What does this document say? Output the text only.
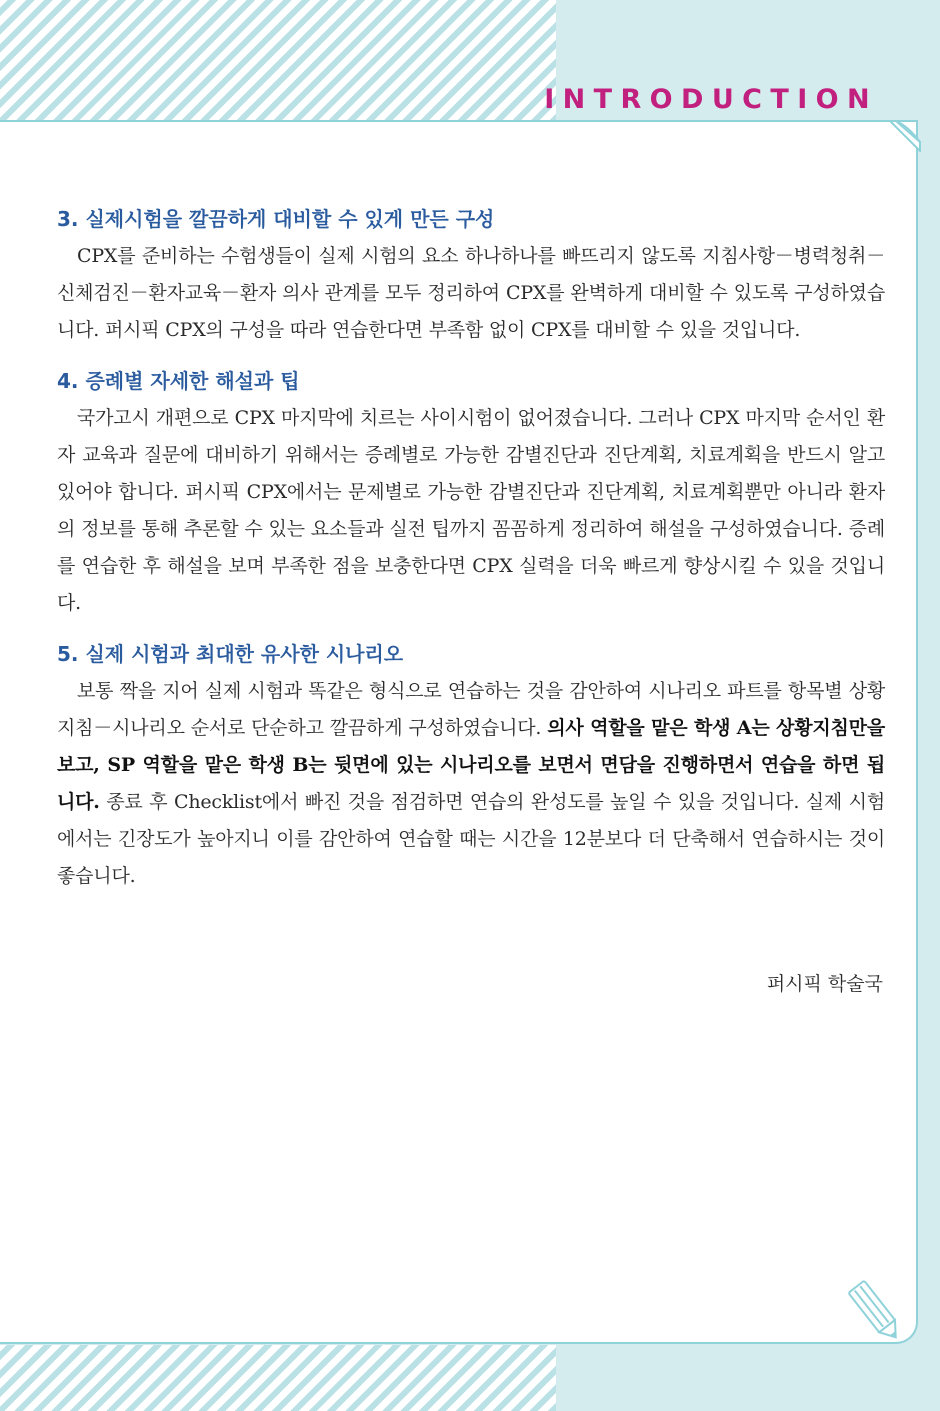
INTRODUCTION
3. 실제시험을 깔끔하게 대비할 수 있게 만든 구성

CPX를 준비하는 수험생들이 실제 시험의 요소 하나하나를 빠뜨리지 않도록 지침사항－병력청취－신체검진－환자교육－환자 의사 관계를 모두 정리하여 CPX를 완벽하게 대비할 수 있도록 구성하였습니다. 퍼시픽 CPX의 구성을 따라 연습한다면 부족함 없이 CPX를 대비할 수 있을 것입니다.

4. 증례별 자세한 해설과 팁

국가고시 개편으로 CPX 마지막에 치르는 사이시험이 없어졌습니다. 그러나 CPX 마지막 순서인 환자 교육과 질문에 대비하기 위해서는 증례별로 가능한 감별진단과 진단계획, 치료계획을 반드시 알고 있어야 합니다. 퍼시픽 CPX에서는 문제별로 가능한 감별진단과 진단계획, 치료계획뿐만 아니라 환자의 정보를 통해 추론할 수 있는 요소들과 실전 팁까지 꼼꼼하게 정리하여 해설을 구성하였습니다. 증례를 연습한 후 해설을 보며 부족한 점을 보충한다면 CPX 실력을 더욱 빠르게 향상시킬 수 있을 것입니다.

5. 실제 시험과 최대한 유사한 시나리오

보통 짝을 지어 실제 시험과 똑같은 형식으로 연습하는 것을 감안하여 시나리오 파트를 항목별 상황지침－시나리오 순서로 단순하고 깔끔하게 구성하였습니다. 의사 역할을 맡은 학생 A는 상황지침만을 보고, SP 역할을 맡은 학생 B는 뒷면에 있는 시나리오를 보면서 면담을 진행하면서 연습을 하면 됩니다. 종료 후 Checklist에서 빠진 것을 점검하면 연습의 완성도를 높일 수 있을 것입니다. 실제 시험에서는 긴장도가 높아지니 이를 감안하여 연습할 때는 시간을 12분보다 더 단축해서 연습하시는 것이 좋습니다.

퍼시픽 학술국
